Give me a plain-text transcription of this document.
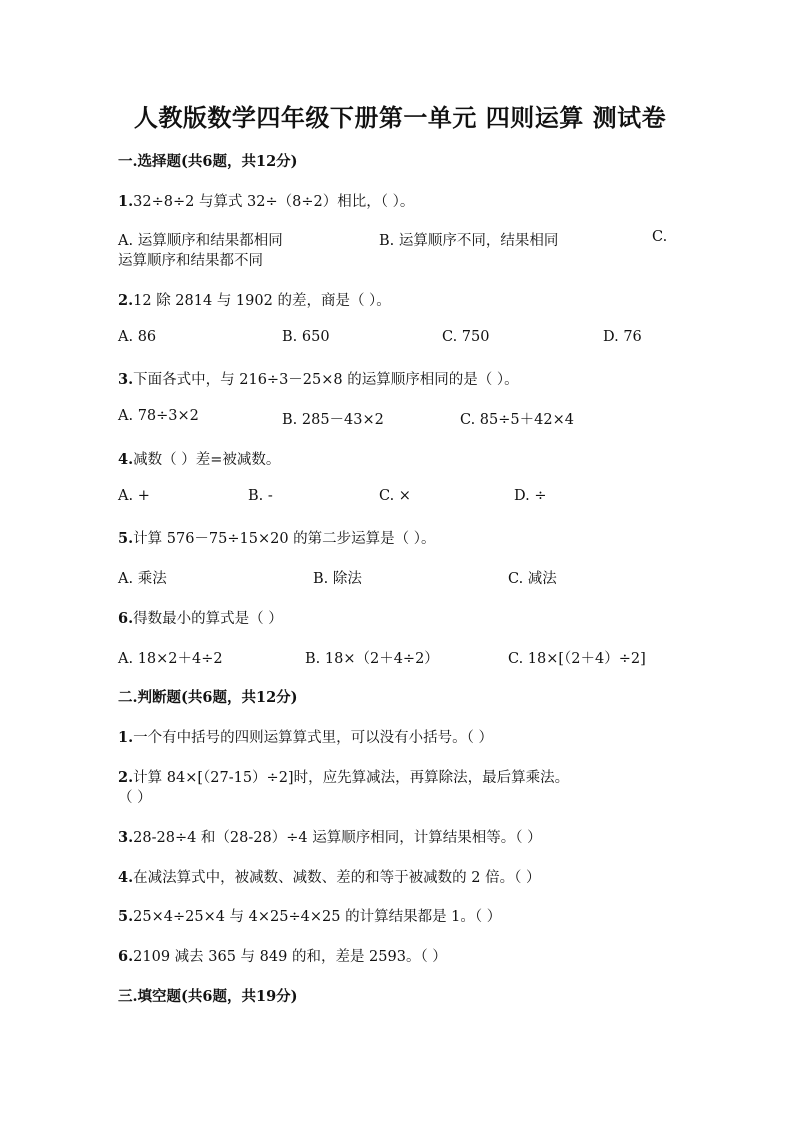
人教版数学四年级下册第一单元 四则运算 测试卷
一.选择题(共6题，共12分)
1.32÷8÷2 与算式 32÷（8÷2）相比，（ ）。
A. 运算顺序和结果都相同	B. 运算顺序不同，结果相同	C.
运算顺序和结果都不同
2.12 除 2814 与 1902 的差，商是（ ）。
A. 86	B. 650	C. 750	D. 76
3.下面各式中，与 216÷3－25×8 的运算顺序相同的是（ ）。
A. 78÷3×2	B. 285－43×2	C. 85÷5＋42×4
4.减数（ ）差=被减数。
A. +	B. -	C. ×	D. ÷
5.计算 576－75÷15×20 的第二步运算是（ ）。
A. 乘法	B. 除法	C. 减法
6.得数最小的算式是（ ）
A. 18×2＋4÷2	B. 18×（2＋4÷2）	C. 18×[（2＋4）÷2]
二.判断题(共6题，共12分)
1.一个有中括号的四则运算算式里，可以没有小括号。（ ）
2.计算 84×[（27-15）÷2]时，应先算减法，再算除法，最后算乘法。
（ ）
3.28-28÷4 和（28-28）÷4 运算顺序相同，计算结果相等。（ ）
4.在减法算式中，被减数、减数、差的和等于被减数的 2 倍。（ ）
5.25×4÷25×4 与 4×25÷4×25 的计算结果都是 1。（ ）
6.2109 减去 365 与 849 的和，差是 2593。（ ）
三.填空题(共6题，共19分)
